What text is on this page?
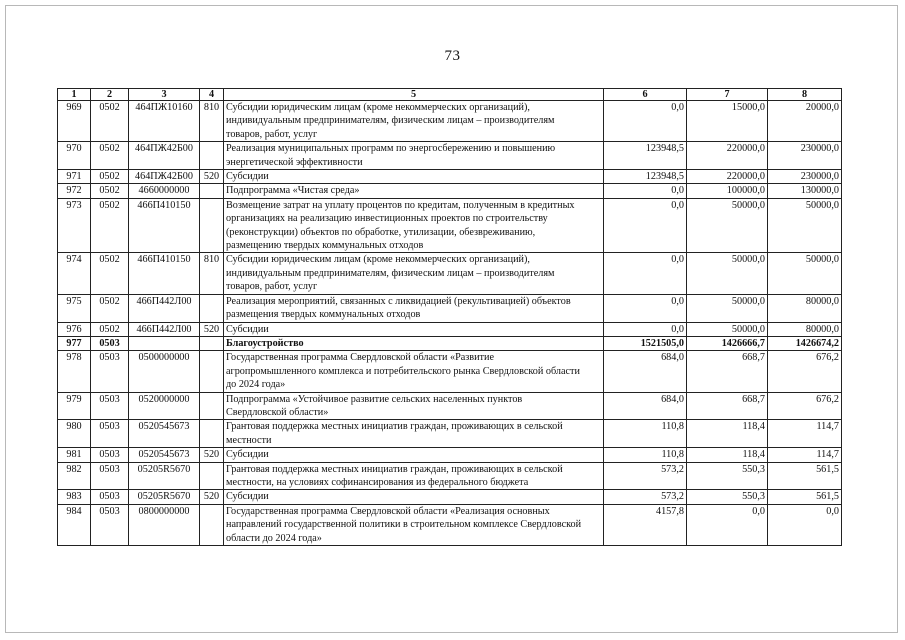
73
1	2	3	4	5	6	7	8
969	0502	464ПЖ10160	810	Субсидии юридическим лицам (кроме некоммерческих организаций),
индивидуальным предпринимателям, физическим лицам – производителям
товаров, работ, услуг	0,0	15000,0	20000,0
970	0502	464ПЖ42Б00		Реализация муниципальных программ по энергосбережению и повышению
энергетической эффективности	123948,5	220000,0	230000,0
971	0502	464ПЖ42Б00	520	Субсидии	123948,5	220000,0	230000,0
972	0502	4660000000		Подпрограмма «Чистая среда»	0,0	100000,0	130000,0
973	0502	466П410150		Возмещение затрат на уплату процентов по кредитам, полученным в кредитных
организациях на реализацию инвестиционных проектов по строительству
(реконструкции) объектов по обработке, утилизации, обезвреживанию,
размещению твердых коммунальных отходов	0,0	50000,0	50000,0
974	0502	466П410150	810	Субсидии юридическим лицам (кроме некоммерческих организаций),
индивидуальным предпринимателям, физическим лицам – производителям
товаров, работ, услуг	0,0	50000,0	50000,0
975	0502	466П442Л00		Реализация мероприятий, связанных с ликвидацией (рекультивацией) объектов
размещения твердых коммунальных отходов	0,0	50000,0	80000,0
976	0502	466П442Л00	520	Субсидии	0,0	50000,0	80000,0
977	0503			Благоустройство	1521505,0	1426666,7	1426674,2
978	0503	0500000000		Государственная программа Свердловской области «Развитие
агропромышленного комплекса и потребительского рынка Свердловской области
до 2024 года»	684,0	668,7	676,2
979	0503	0520000000		Подпрограмма «Устойчивое развитие сельских населенных пунктов
Свердловской области»	684,0	668,7	676,2
980	0503	0520545673		Грантовая поддержка местных инициатив граждан, проживающих в сельской
местности	110,8	118,4	114,7
981	0503	0520545673	520	Субсидии	110,8	118,4	114,7
982	0503	05205R5670		Грантовая поддержка местных инициатив граждан, проживающих в сельской
местности, на условиях софинансирования из федерального бюджета	573,2	550,3	561,5
983	0503	05205R5670	520	Субсидии	573,2	550,3	561,5
984	0503	0800000000		Государственная программа Свердловской области «Реализация основных
направлений государственной политики в строительном комплексе Свердловской
области до 2024 года»	4157,8	0,0	0,0
